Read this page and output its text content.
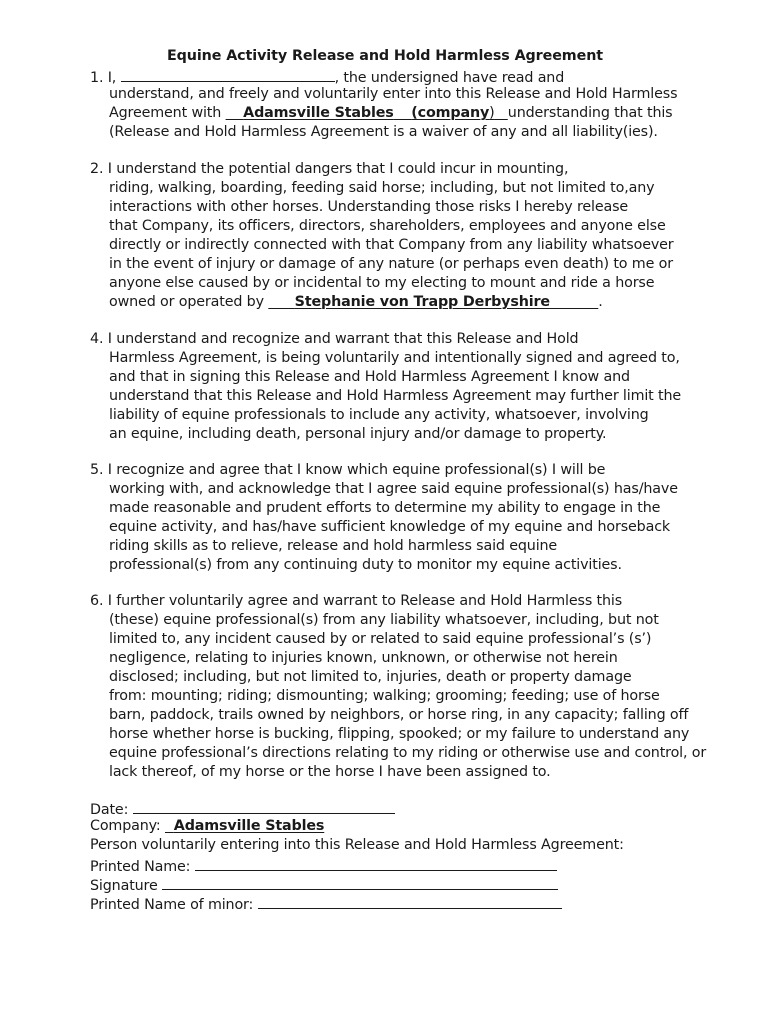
Equine Activity Release and Hold Harmless Agreement
1. I,	, the undersigned have read and
understand, and freely and voluntarily enter into this Release and Hold Harmless
Agreement with     Adamsville Stables (company) understanding that this
(Release and Hold Harmless Agreement is a waiver of any and all liability(ies).
2. I understand the potential dangers that I could incur in mounting,
riding, walking, boarding, feeding said horse; including, but not limited to,any
interactions with other horses. Understanding those risks I hereby release
that Company, its officers, directors, shareholders, employees and anyone else
directly or indirectly connected with that Company from any liability whatsoever
in the event of injury or damage of any nature (or perhaps even death) to me or
anyone else caused by or incidental to my electing to mount and ride a horse
owned or operated by       Stephanie von Trapp Derbyshire	.
4. I understand and recognize and warrant that this Release and Hold
Harmless Agreement, is being voluntarily and intentionally signed and agreed to,
and that in signing this Release and Hold Harmless Agreement I know and
understand that this Release and Hold Harmless Agreement may further limit the
liability of equine professionals to include any activity, whatsoever, involving
an equine, including death, personal injury and/or damage to property.
5. I recognize and agree that I know which equine professional(s) I will be
working with, and acknowledge that I agree said equine professional(s) has/have
made reasonable and prudent efforts to determine my ability to engage in the
equine activity, and has/have sufficient knowledge of my equine and horseback
riding skills as to relieve, release and hold harmless said equine
professional(s) from any continuing duty to monitor my equine activities.
6. I further voluntarily agree and warrant to Release and Hold Harmless this
(these) equine professional(s) from any liability whatsoever, including, but not
limited to, any incident caused by or related to said equine professional’s (s’)
negligence, relating to injuries known, unknown, or otherwise not herein
disclosed; including, but not limited to, injuries, death or property damage
from: mounting; riding; dismounting; walking; grooming; feeding; use of horse
barn, paddock, trails owned by neighbors, or horse ring, in any capacity; falling off
horse whether horse is bucking, flipping, spooked; or my failure to understand any
equine professional’s directions relating to my riding or otherwise use and control, or
lack thereof, of my horse or the horse I have been assigned to.
Date:
Company:   Adamsville Stables
Person voluntarily entering into this Release and Hold Harmless Agreement:
Printed Name:
Signature
Printed Name of minor:
